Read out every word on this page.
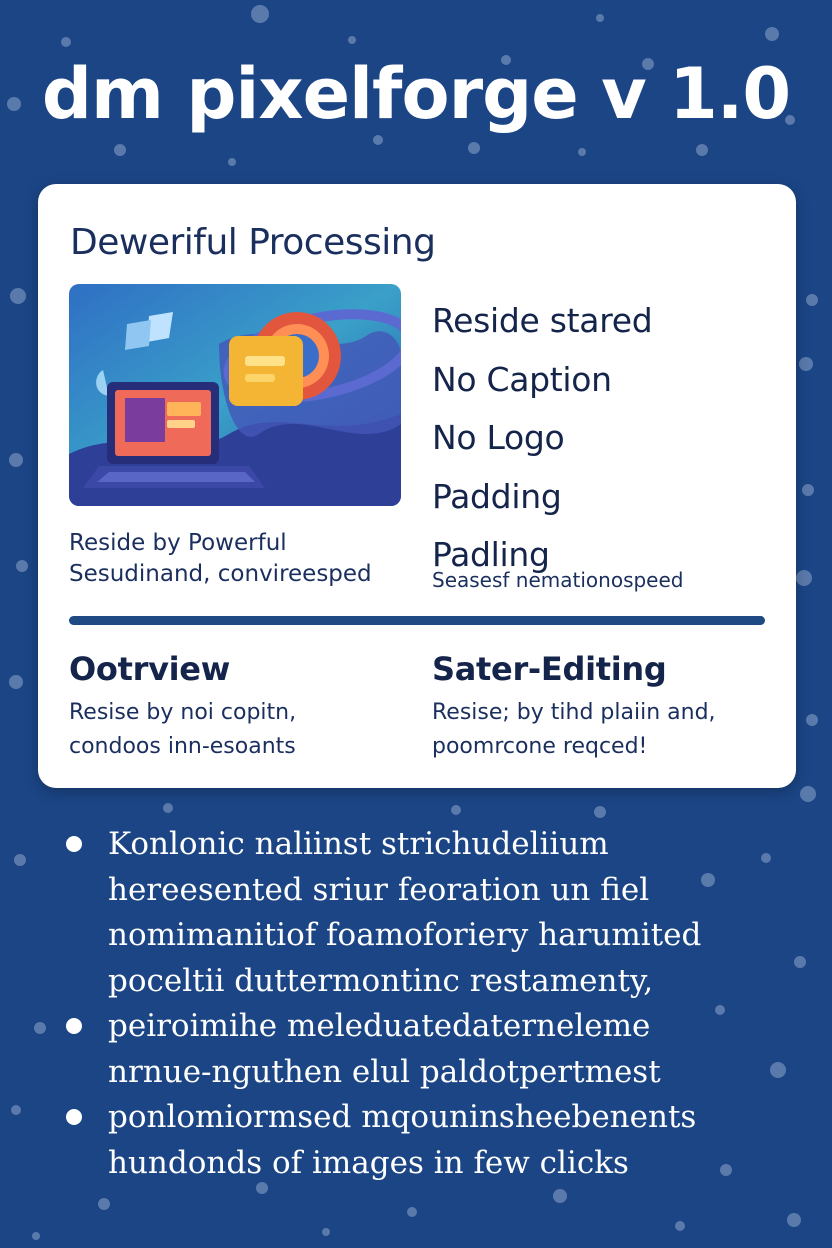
dm pixelforge v 1.0
Deweriful Processing
Reside stared
No Caption
No Logo
Padding
Padling
Reside by Powerful
Sesudinand, convireesped	Seasesf nemationospeed
Ootrview
Resise by noi copitn,
condoos inn-esoants
Sater-Editing
Resise; by tihd plaiin and,
poomrcone reqced!
Konlonic naliinst strichudeliium
hereesented sriur feoration un fiel
nomimanitiof foamoforiery harumited
poceltii duttermontinc restamenty,
peiroimihe meleduatedaterneleme
nrnue-nguthen elul paldotpertmest
ponlomiormsed mqouninsheebenents
hundonds of images in few clicks
